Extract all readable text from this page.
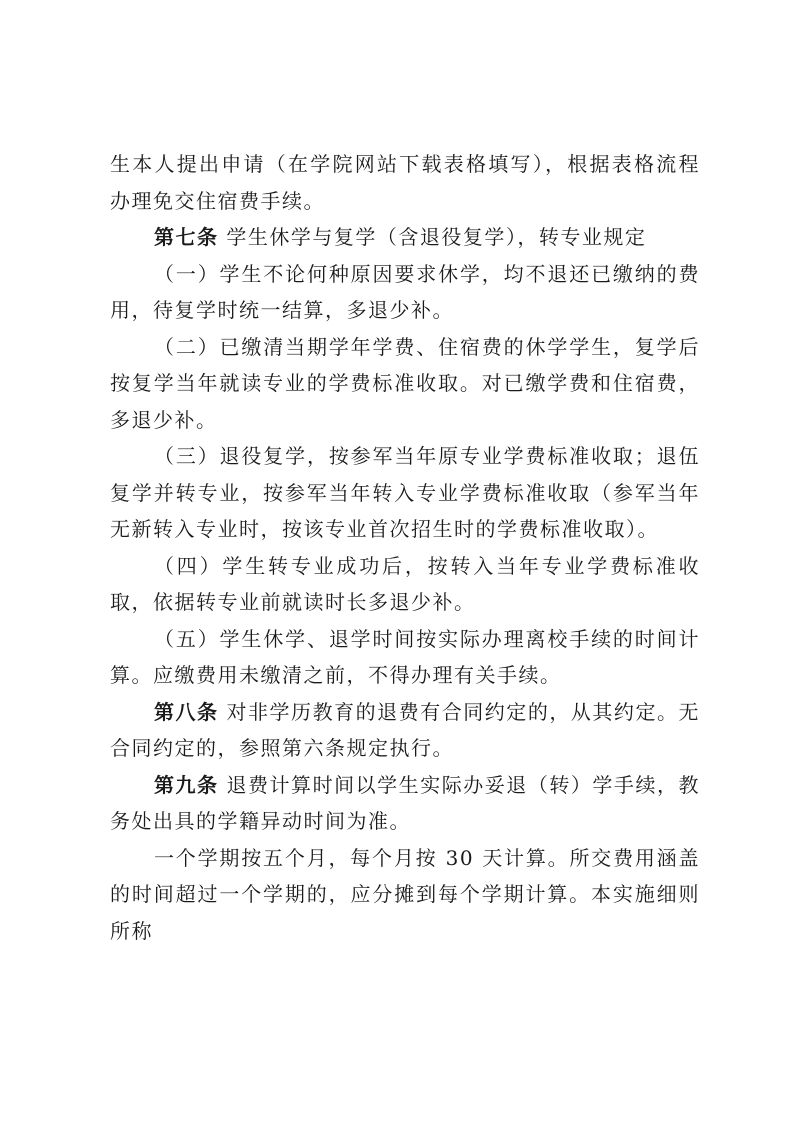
生本人提出申请（在学院网站下载表格填写），根据表格流程办理免交住宿费手续。

第七条 学生休学与复学（含退役复学），转专业规定

（一）学生不论何种原因要求休学，均不退还已缴纳的费用，待复学时统一结算，多退少补。

（二）已缴清当期学年学费、住宿费的休学学生，复学后按复学当年就读专业的学费标准收取。对已缴学费和住宿费，多退少补。

（三）退役复学，按参军当年原专业学费标准收取；退伍复学并转专业，按参军当年转入专业学费标准收取（参军当年无新转入专业时，按该专业首次招生时的学费标准收取）。

（四）学生转专业成功后，按转入当年专业学费标准收取，依据转专业前就读时长多退少补。

（五）学生休学、退学时间按实际办理离校手续的时间计算。应缴费用未缴清之前，不得办理有关手续。

第八条 对非学历教育的退费有合同约定的，从其约定。无合同约定的，参照第六条规定执行。

第九条 退费计算时间以学生实际办妥退（转）学手续，教务处出具的学籍异动时间为准。

一个学期按五个月，每个月按 30 天计算。所交费用涵盖的时间超过一个学期的，应分摊到每个学期计算。本实施细则所称
